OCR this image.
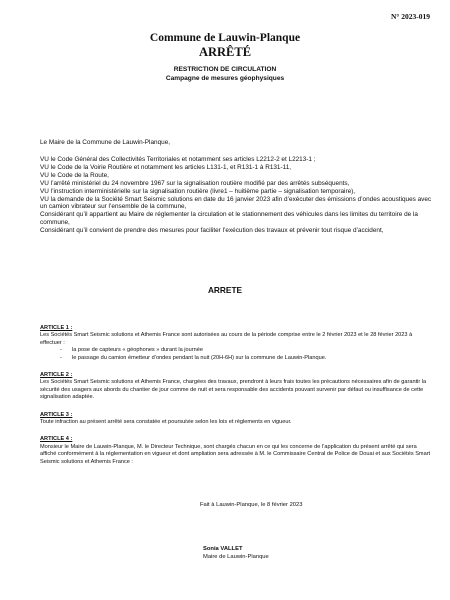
N° 2023-019
Commune de Lauwin-Planque
ARRÊTÉ
RESTRICTION DE CIRCULATION
Campagne de mesures géophysiques
Le Maire de la Commune de Lauwin-Planque,

VU le Code Général des Collectivités Territoriales et notamment ses articles L2212-2 et L2213-1 ;

VU le Code de la Voirie Routière et notamment les articles L131-1, et R131-1 à R131-11,

VU le Code de la Route,

VU l’arrêté ministériel du 24 novembre 1967 sur la signalisation routière modifié par des arrêtés subséquents,

VU l’instruction interministérielle sur la signalisation routière (livre1 – huitième partie – signalisation temporaire),

VU la demande de la Société Smart Seismic solutions en date du 16 janvier 2023 afin d’exécuter des émissions d’ondes acoustiques avec un camion vibrateur sur l’ensemble de la commune,

Considérant qu’il appartient au Maire de réglementer la circulation et le stationnement des véhicules dans les limites du territoire de la commune,

Considérant qu’il convient de prendre des mesures pour faciliter l’exécution des travaux et prévenir tout risque d’accident,

ARRETE
ARTICLE 1 :
Les Sociétés Smart Seismic solutions et Athemis France sont autorisées au cours de la période comprise entre le 2 février 2023 et le 28 février 2023 à effectuer :
- la pose de capteurs « géophones » durant la journée
- le passage du camion émetteur d’ondes pendant la nuit (20H-6H) sur la commune de Lauwin-Planque.
ARTICLE 2 :
Les Sociétés Smart Seismic solutions et Athemis France, chargées des travaux, prendront à leurs frais toutes les précautions nécessaires afin de garantir la sécurité des usagers aux abords du chantier de jour comme de nuit et sera responsable des accidents pouvant survenir par défaut ou insuffisance de cette signalisation adaptée.
ARTICLE 3 :
Toute infraction au présent arrêté sera constatée et poursuivie selon les lois et règlements en vigueur.
ARTICLE 4 :
Monsieur le Maire de Lauwin-Planque, M. le Directeur Technique, sont chargés chacun en ce qui les concerne de l’application du présent arrêté qui sera affiché conformément à la réglementation en vigueur et dont ampliation sera adressée à M. le Commissaire Central de Police de Douai et aux Sociétés Smart Seismic solutions et Athemis France :
Fait à Lauwin-Planque, le 8 février 2023
Sonia VALLET
Maire de Lauwin-Planque
